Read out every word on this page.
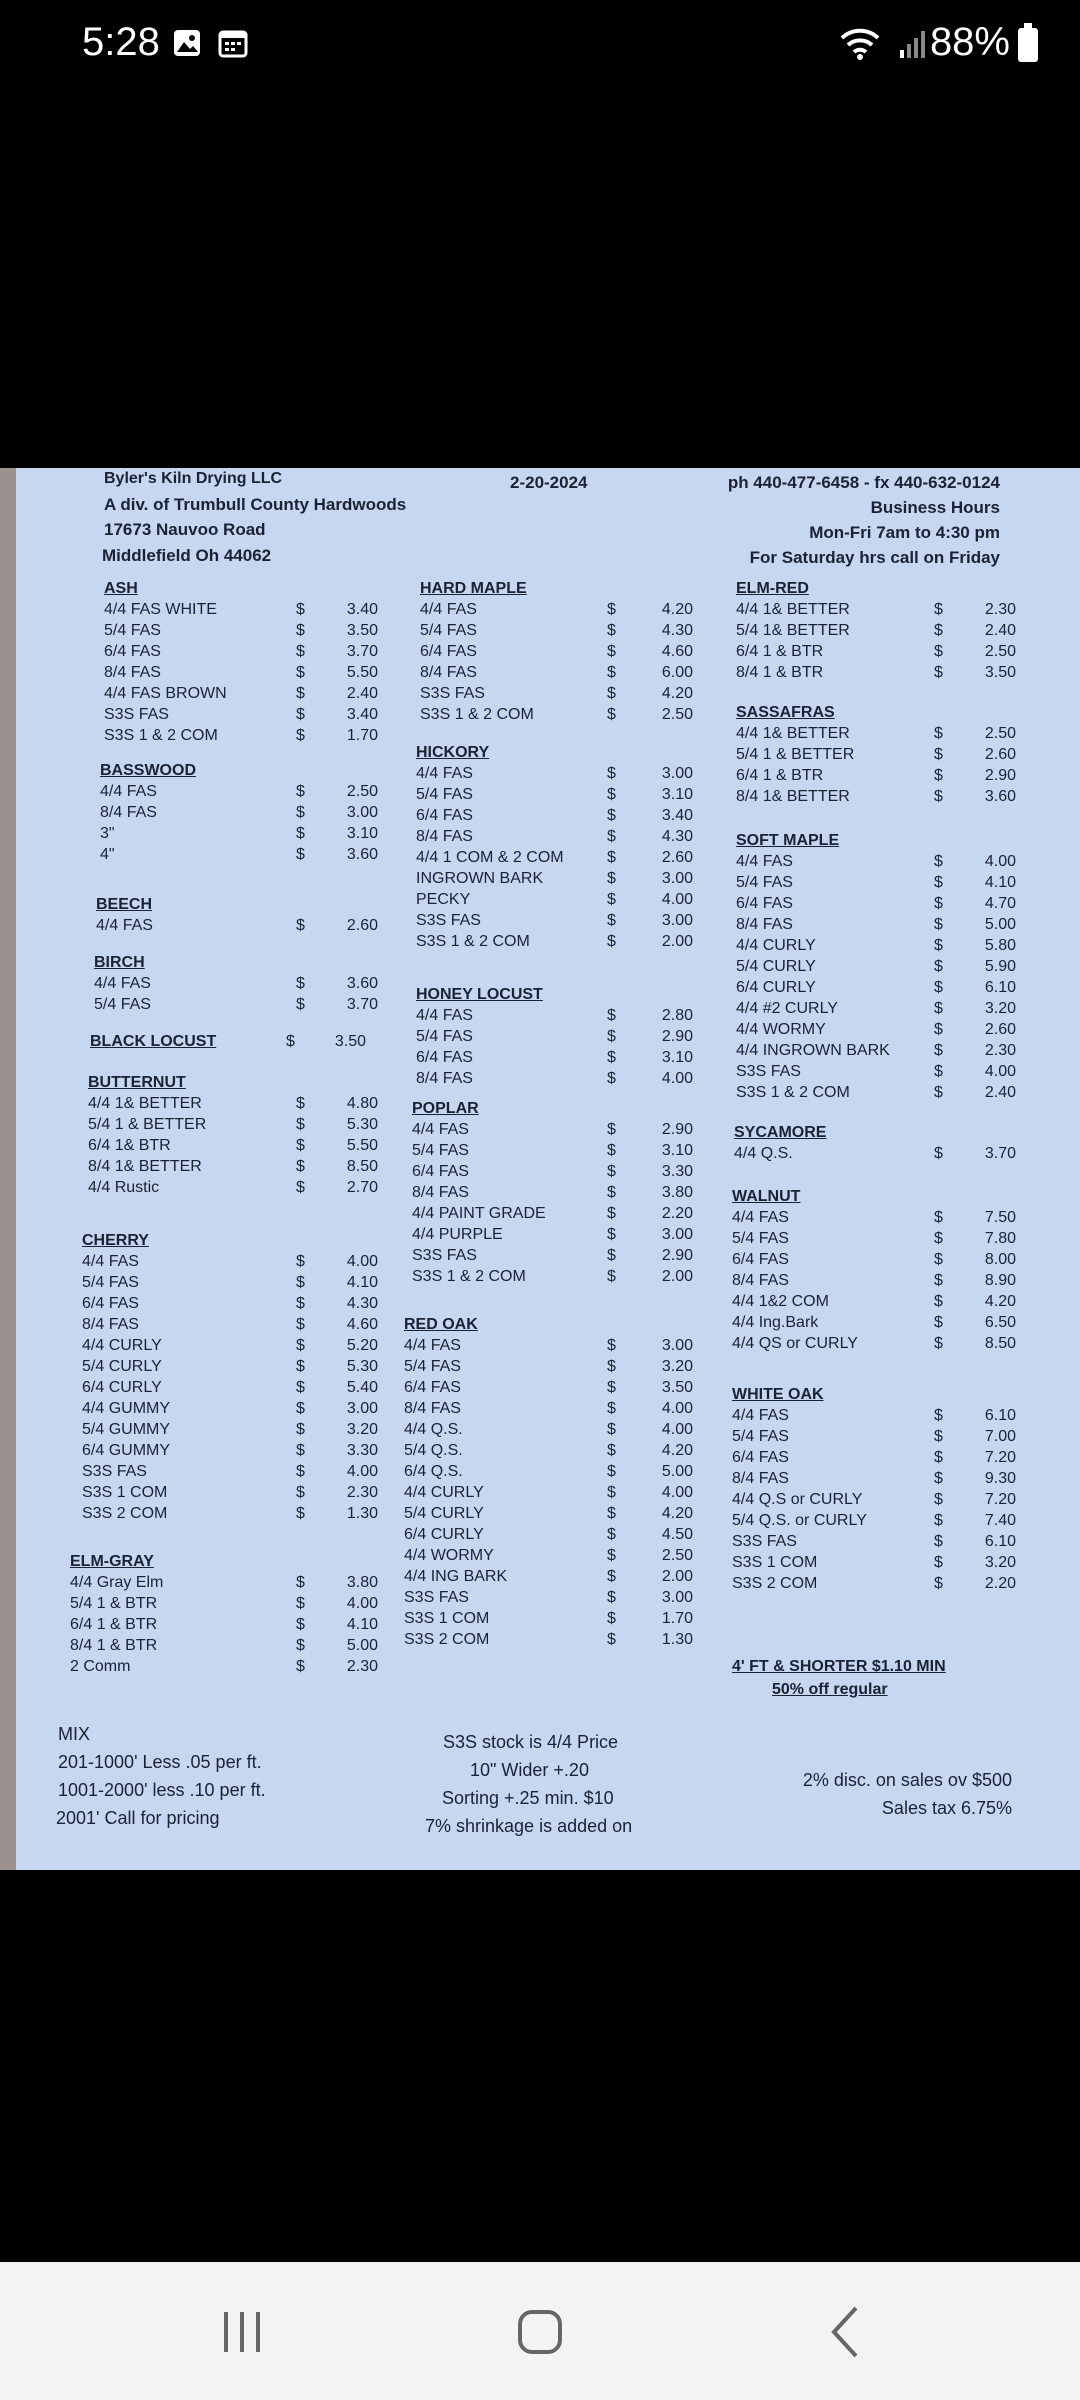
5:28	88%
Byler's Kiln Drying LLC
A div. of Trumbull County Hardwoods
17673 Nauvoo Road
Middlefield Oh 44062
2-20-2024	ph 440-477-6458 - fx 440-632-0124
Business Hours
Mon-Fri 7am to 4:30 pm
For Saturday hrs call on Friday
ASH
4/4 FAS WHITE	$	3.40
5/4 FAS	$	3.50
6/4 FAS	$	3.70
8/4 FAS	$	5.50
4/4 FAS BROWN	$	2.40
S3S FAS	$	3.40
S3S 1 & 2 COM	$	1.70
BASSWOOD
4/4 FAS	$	2.50
8/4 FAS	$	3.00
3"	$	3.10
4"	$	3.60
BEECH
4/4 FAS	$	2.60
BIRCH
4/4 FAS	$	3.60
5/4 FAS	$	3.70
BLACK LOCUST	$	3.50
BUTTERNUT
4/4 1& BETTER	$	4.80
5/4 1 & BETTER	$	5.30
6/4 1& BTR	$	5.50
8/4 1& BETTER	$	8.50
4/4 Rustic	$	2.70
CHERRY
4/4 FAS	$	4.00
5/4 FAS	$	4.10
6/4 FAS	$	4.30
8/4 FAS	$	4.60
4/4 CURLY	$	5.20
5/4 CURLY	$	5.30
6/4 CURLY	$	5.40
4/4 GUMMY	$	3.00
5/4 GUMMY	$	3.20
6/4 GUMMY	$	3.30
S3S FAS	$	4.00
S3S 1 COM	$	2.30
S3S 2 COM	$	1.30
ELM-GRAY
4/4 Gray Elm	$	3.80
5/4 1 & BTR	$	4.00
6/4 1 & BTR	$	4.10
8/4 1 & BTR	$	5.00
2 Comm	$	2.30
HARD MAPLE
4/4 FAS	$	4.20
5/4 FAS	$	4.30
6/4 FAS	$	4.60
8/4 FAS	$	6.00
S3S FAS	$	4.20
S3S 1 & 2 COM	$	2.50
HICKORY
4/4 FAS	$	3.00
5/4 FAS	$	3.10
6/4 FAS	$	3.40
8/4 FAS	$	4.30
4/4 1 COM & 2 COM	$	2.60
INGROWN BARK	$	3.00
PECKY	$	4.00
S3S FAS	$	3.00
S3S 1 & 2 COM	$	2.00
HONEY LOCUST
4/4 FAS	$	2.80
5/4 FAS	$	2.90
6/4 FAS	$	3.10
8/4 FAS	$	4.00
POPLAR
4/4 FAS	$	2.90
5/4 FAS	$	3.10
6/4 FAS	$	3.30
8/4 FAS	$	3.80
4/4 PAINT GRADE	$	2.20
4/4 PURPLE	$	3.00
S3S FAS	$	2.90
S3S 1 & 2 COM	$	2.00
RED OAK
4/4 FAS	$	3.00
5/4 FAS	$	3.20
6/4 FAS	$	3.50
8/4 FAS	$	4.00
4/4 Q.S.	$	4.00
5/4 Q.S.	$	4.20
6/4 Q.S.	$	5.00
4/4 CURLY	$	4.00
5/4 CURLY	$	4.20
6/4 CURLY	$	4.50
4/4 WORMY	$	2.50
4/4 ING BARK	$	2.00
S3S FAS	$	3.00
S3S 1 COM	$	1.70
S3S 2 COM	$	1.30
ELM-RED
4/4 1& BETTER	$	2.30
5/4 1& BETTER	$	2.40
6/4 1 & BTR	$	2.50
8/4 1 & BTR	$	3.50
SASSAFRAS
4/4 1& BETTER	$	2.50
5/4 1 & BETTER	$	2.60
6/4 1 & BTR	$	2.90
8/4 1& BETTER	$	3.60
SOFT MAPLE
4/4 FAS	$	4.00
5/4 FAS	$	4.10
6/4 FAS	$	4.70
8/4 FAS	$	5.00
4/4 CURLY	$	5.80
5/4 CURLY	$	5.90
6/4 CURLY	$	6.10
4/4 #2 CURLY	$	3.20
4/4 WORMY	$	2.60
4/4 INGROWN BARK	$	2.30
S3S FAS	$	4.00
S3S 1 & 2 COM	$	2.40
SYCAMORE
4/4 Q.S.	$	3.70
WALNUT
4/4 FAS	$	7.50
5/4 FAS	$	7.80
6/4 FAS	$	8.00
8/4 FAS	$	8.90
4/4 1&2 COM	$	4.20
4/4 Ing.Bark	$	6.50
4/4 QS or CURLY	$	8.50
WHITE OAK
4/4 FAS	$	6.10
5/4 FAS	$	7.00
6/4 FAS	$	7.20
8/4 FAS	$	9.30
4/4 Q.S or CURLY	$	7.20
5/4 Q.S. or CURLY	$	7.40
S3S FAS	$	6.10
S3S 1 COM	$	3.20
S3S 2 COM	$	2.20
4' FT & SHORTER $1.10 MIN
50% off regular
MIX
201-1000' Less .05 per ft.
1001-2000' less .10 per ft.
2001' Call for pricing
S3S stock is 4/4 Price
10" Wider +.20
Sorting +.25 min. $10
7% shrinkage is added on
2% disc. on sales ov $500
Sales tax 6.75%
